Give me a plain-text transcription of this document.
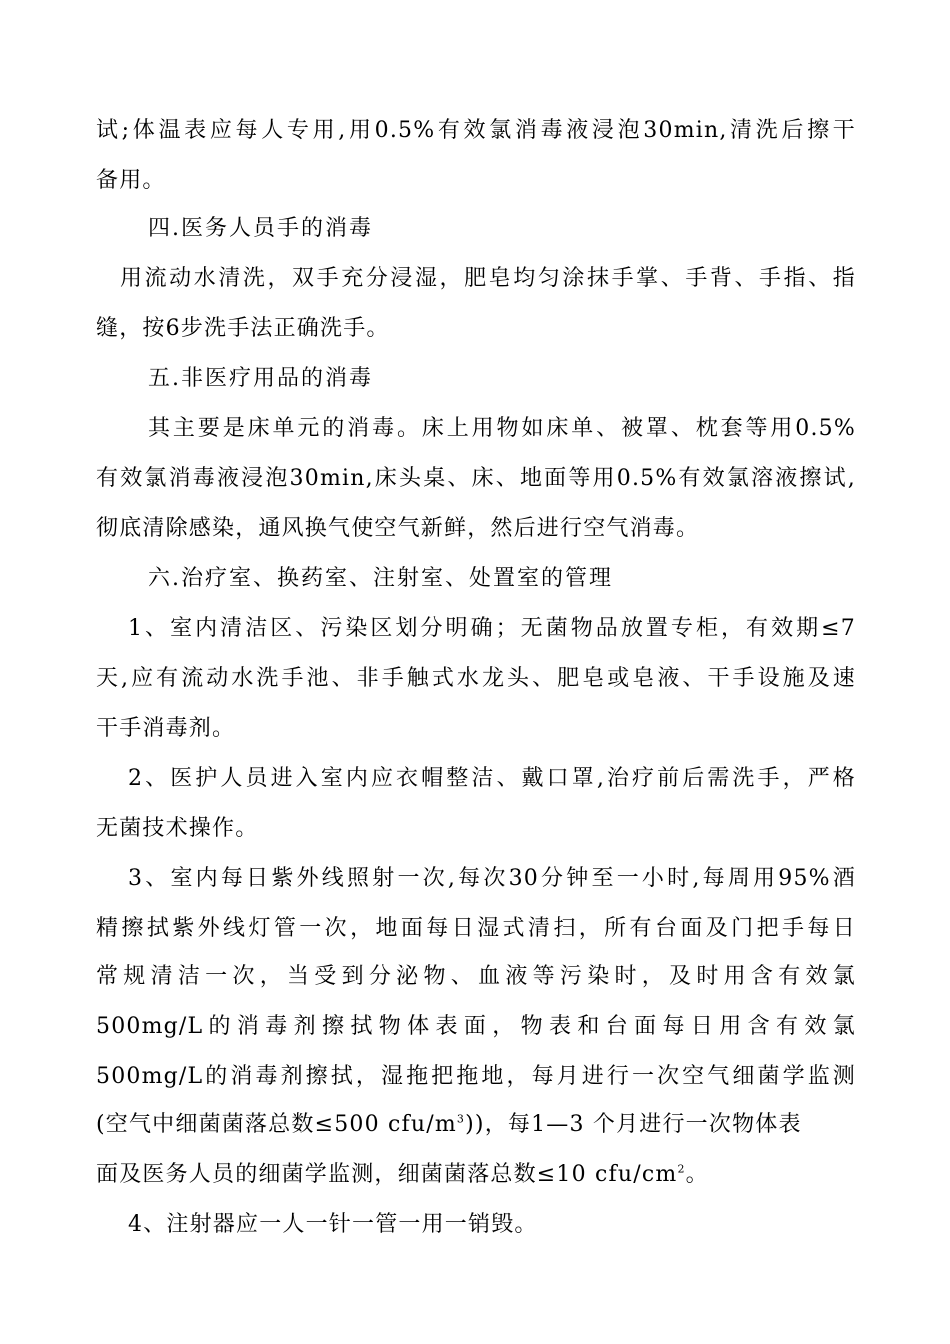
试;体温表应每人专用,用0.5%有效氯消毒液浸泡30min,清洗后擦干
备用。
四.医务人员手的消毒
用流动水清洗，双手充分浸湿，肥皂均匀涂抹手掌、手背、手指、指
缝，按6步洗手法正确洗手。
五.非医疗用品的消毒
其主要是床单元的消毒。床上用物如床单、被罩、枕套等用0.5%
有效氯消毒液浸泡30min,床头桌、床、地面等用0.5%有效氯溶液擦试,
彻底清除感染，通风换气使空气新鲜，然后进行空气消毒。
六.治疗室、换药室、注射室、处置室的管理
1、室内清洁区、污染区划分明确；无菌物品放置专柜，有效期≤7
天,应有流动水洗手池、非手触式水龙头、肥皂或皂液、干手设施及速
干手消毒剂。
2、医护人员进入室内应衣帽整洁、戴口罩,治疗前后需洗手，严格
无菌技术操作。
3、室内每日紫外线照射一次,每次30分钟至一小时,每周用95%酒
精擦拭紫外线灯管一次，地面每日湿式清扫，所有台面及门把手每日
常规清洁一次，当受到分泌物、血液等污染时，及时用含有效氯
500mg/L的消毒剂擦拭物体表面，物表和台面每日用含有效氯
500mg/L的消毒剂擦拭，湿拖把拖地，每月进行一次空气细菌学监测
(空气中细菌菌落总数≤500 cfu/$m^3$))，每1—3 个月进行一次物体表
面及医务人员的细菌学监测，细菌菌落总数≤10 cfu/$cm^2$。
4、注射器应一人一针一管一用一销毁。
